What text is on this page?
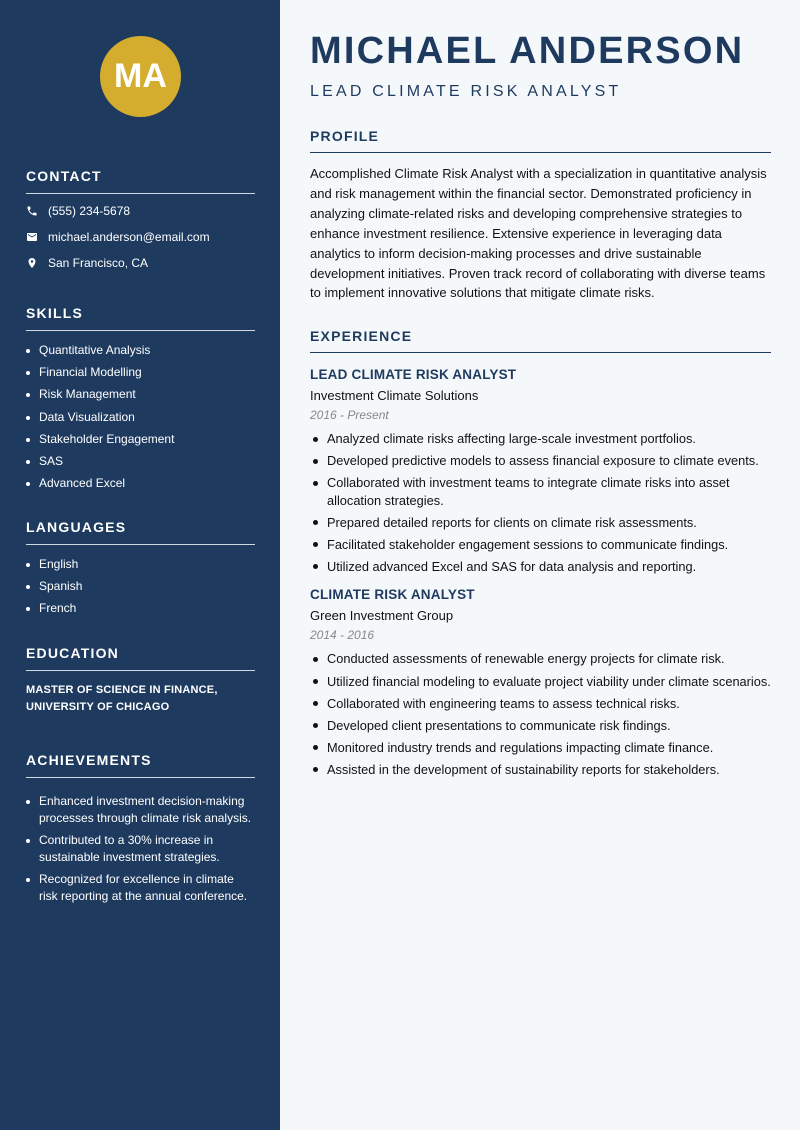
MA
CONTACT
(555) 234-5678
michael.anderson@email.com
San Francisco, CA
SKILLS
Quantitative Analysis
Financial Modelling
Risk Management
Data Visualization
Stakeholder Engagement
SAS
Advanced Excel
LANGUAGES
English
Spanish
French
EDUCATION
MASTER OF SCIENCE IN FINANCE,
UNIVERSITY OF CHICAGO
ACHIEVEMENTS
Enhanced investment decision-making processes through climate risk analysis.
Contributed to a 30% increase in sustainable investment strategies.
Recognized for excellence in climate risk reporting at the annual conference.
MICHAEL ANDERSON
LEAD CLIMATE RISK ANALYST
PROFILE
Accomplished Climate Risk Analyst with a specialization in quantitative analysis and risk management within the financial sector. Demonstrated proficiency in analyzing climate-related risks and developing comprehensive strategies to enhance investment resilience. Extensive experience in leveraging data analytics to inform decision-making processes and drive sustainable development initiatives. Proven track record of collaborating with diverse teams to implement innovative solutions that mitigate climate risks.
EXPERIENCE
LEAD CLIMATE RISK ANALYST
Investment Climate Solutions
2016 - Present
Analyzed climate risks affecting large-scale investment portfolios.
Developed predictive models to assess financial exposure to climate events.
Collaborated with investment teams to integrate climate risks into asset allocation strategies.
Prepared detailed reports for clients on climate risk assessments.
Facilitated stakeholder engagement sessions to communicate findings.
Utilized advanced Excel and SAS for data analysis and reporting.
CLIMATE RISK ANALYST
Green Investment Group
2014 - 2016
Conducted assessments of renewable energy projects for climate risk.
Utilized financial modeling to evaluate project viability under climate scenarios.
Collaborated with engineering teams to assess technical risks.
Developed client presentations to communicate risk findings.
Monitored industry trends and regulations impacting climate finance.
Assisted in the development of sustainability reports for stakeholders.
